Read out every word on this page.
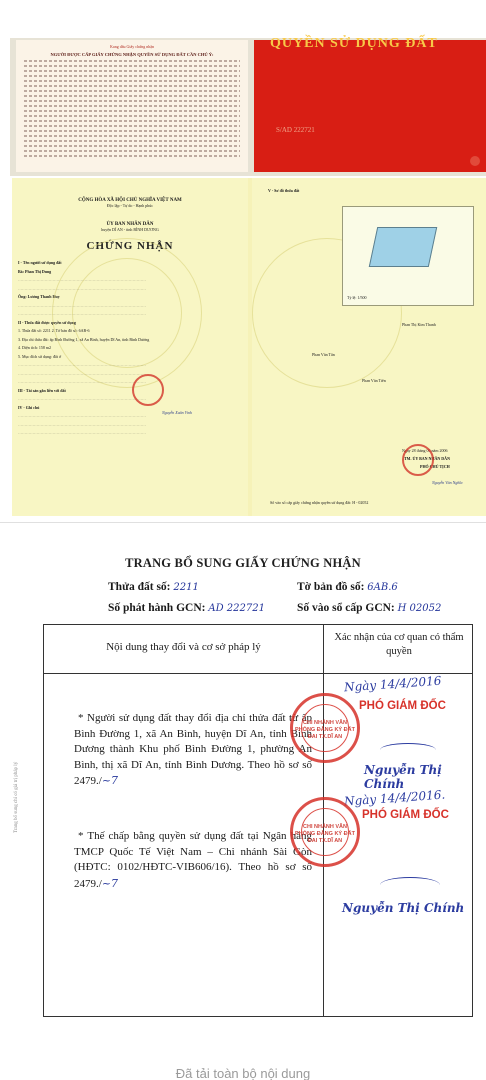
Kang dấu Giấy chứng nhận
NGƯỜI ĐƯỢC CẤP GIẤY CHỨNG NHẬN QUYỀN SỬ DỤNG ĐẤT CẦN CHÚ Ý:
QUYỀN SỬ DỤNG ĐẤT
S/AD 222721
CỘNG HÒA XÃ HỘI CHỦ NGHĨA VIỆT NAM
Độc lập - Tự do - Hạnh phúc
ỦY BAN NHÂN DÂN
huyện DĨ AN - tỉnh BÌNH DƯƠNG
CHỨNG NHẬN
I - Tên người sử dụng đất
Bà: Phan Thị Dung
……………………………………………………………………………………
……………………………………………………………………………………
Ông: Lương Thanh Huy
……………………………………………………………………………………
……………………………………………………………………………………
II - Thửa đất được quyền sử dụng
1. Thửa đất số: 2211 2. Tờ bản đồ số: 6AB-6
3. Địa chỉ thửa đất: ấp Bình Đường 1, xã An Bình, huyện Dĩ An, tỉnh Bình Dương
4. Diện tích: 158 m2
5. Mục đích sử dụng: đất ở
……………………………………………………………………………………
……………………………………………………………………………………
……………………………………………………………………………………
III - Tài sản gắn liền với đất
……………………………………………………………………………………
IV - Ghi chú
……………………………………………………………………………………
……………………………………………………………………………………
……………………………………………………………………………………
Nguyễn Xuân Vinh
V - Sơ đồ thửa đất
Tỷ lệ: 1/500
Phan Thị Kim Thanh
Phan Văn Tân
Phan Văn Tiến
Ngày 28 tháng 06 năm 2006
TM. ỦY BAN NHÂN DÂN
PHÓ CHỦ TỊCH
Nguyễn Văn Nghĩa
Số vào sổ cấp giấy chứng nhận quyền sử dụng đất: H - 02052
TRANG BỔ SUNG GIẤY CHỨNG NHẬN
Thửa đất số: 2211	Tờ bản đồ số: 6AB.6
Số phát hành GCN: AD 222721	Số vào sổ cấp GCN: H 02052
Nội dung thay đổi và cơ sở pháp lý
Xác nhận của cơ quan có thẩm quyền
* Người sử dụng đất thay đổi địa chỉ thửa đất từ ấp Bình Đường 1, xã An Bình, huyện Dĩ An, tỉnh Bình Dương thành Khu phố Bình Đường 1, phường An Bình, thị xã Dĩ An, tỉnh Bình Dương. Theo hồ sơ số 2479./~7
* Thế chấp bằng quyền sử dụng đất tại Ngân hàng TMCP Quốc Tế Việt Nam – Chi nhánh Sài Gòn (HĐTC: 0102/HĐTC-VIB606/16). Theo hồ sơ số 2479./~7
Ngày 14/4/2016
PHÓ GIÁM ĐỐC
CHI NHÁNH VĂN PHÒNG ĐĂNG KÝ ĐẤT ĐAI TX.DĨ AN
Nguyễn Thị Chính
Ngày 14/4/2016.
PHÓ GIÁM ĐỐC
CHI NHÁNH VĂN PHÒNG ĐĂNG KÝ ĐẤT ĐAI TX.DĨ AN
Nguyễn Thị Chính
Trang bổ sung chỉ có giá trị pháp lý
Đã tải toàn bộ nội dung
